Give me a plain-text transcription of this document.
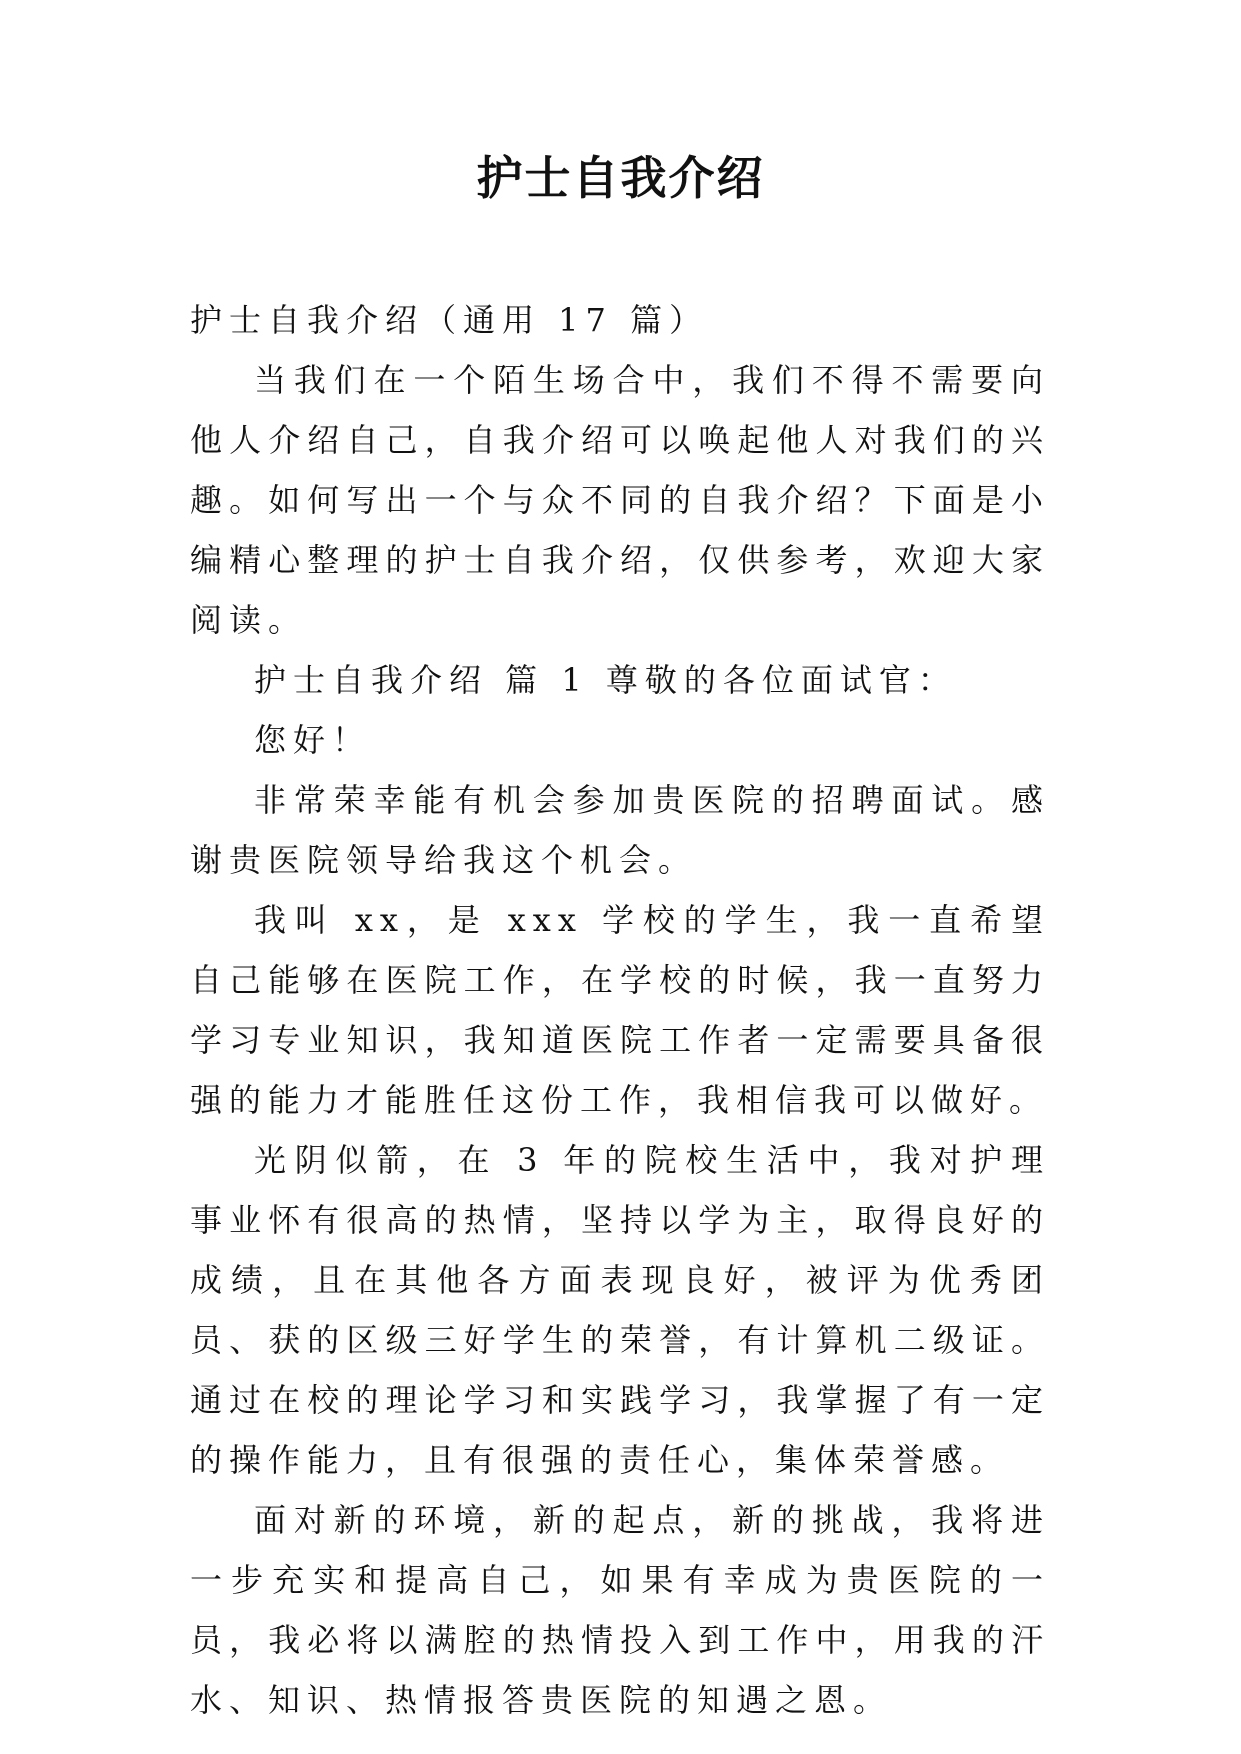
护士自我介绍

护士自我介绍（通用 17 篇）

当我们在一个陌生场合中，我们不得不需要向他人介绍自己，自我介绍可以唤起他人对我们的兴趣。如何写出一个与众不同的自我介绍？下面是小编精心整理的护士自我介绍，仅供参考，欢迎大家阅读。

护士自我介绍 篇 1 尊敬的各位面试官：

您好！

非常荣幸能有机会参加贵医院的招聘面试。感谢贵医院领导给我这个机会。

我叫 xx，是 xxx 学校的学生，我一直希望自己能够在医院工作，在学校的时候，我一直努力学习专业知识，我知道医院工作者一定需要具备很强的能力才能胜任这份工作，我相信我可以做好。

光阴似箭，在 3 年的院校生活中，我对护理事业怀有很高的热情，坚持以学为主，取得良好的成绩，且在其他各方面表现良好，被评为优秀团员、获的区级三好学生的荣誉，有计算机二级证。通过在校的理论学习和实践学习，我掌握了有一定的操作能力，且有很强的责任心，集体荣誉感。

面对新的环境，新的起点，新的挑战，我将进一步充实和提高自己，如果有幸成为贵医院的一员，我必将以满腔的热情投入到工作中，用我的汗水、知识、热情报答贵医院的知遇之恩。
